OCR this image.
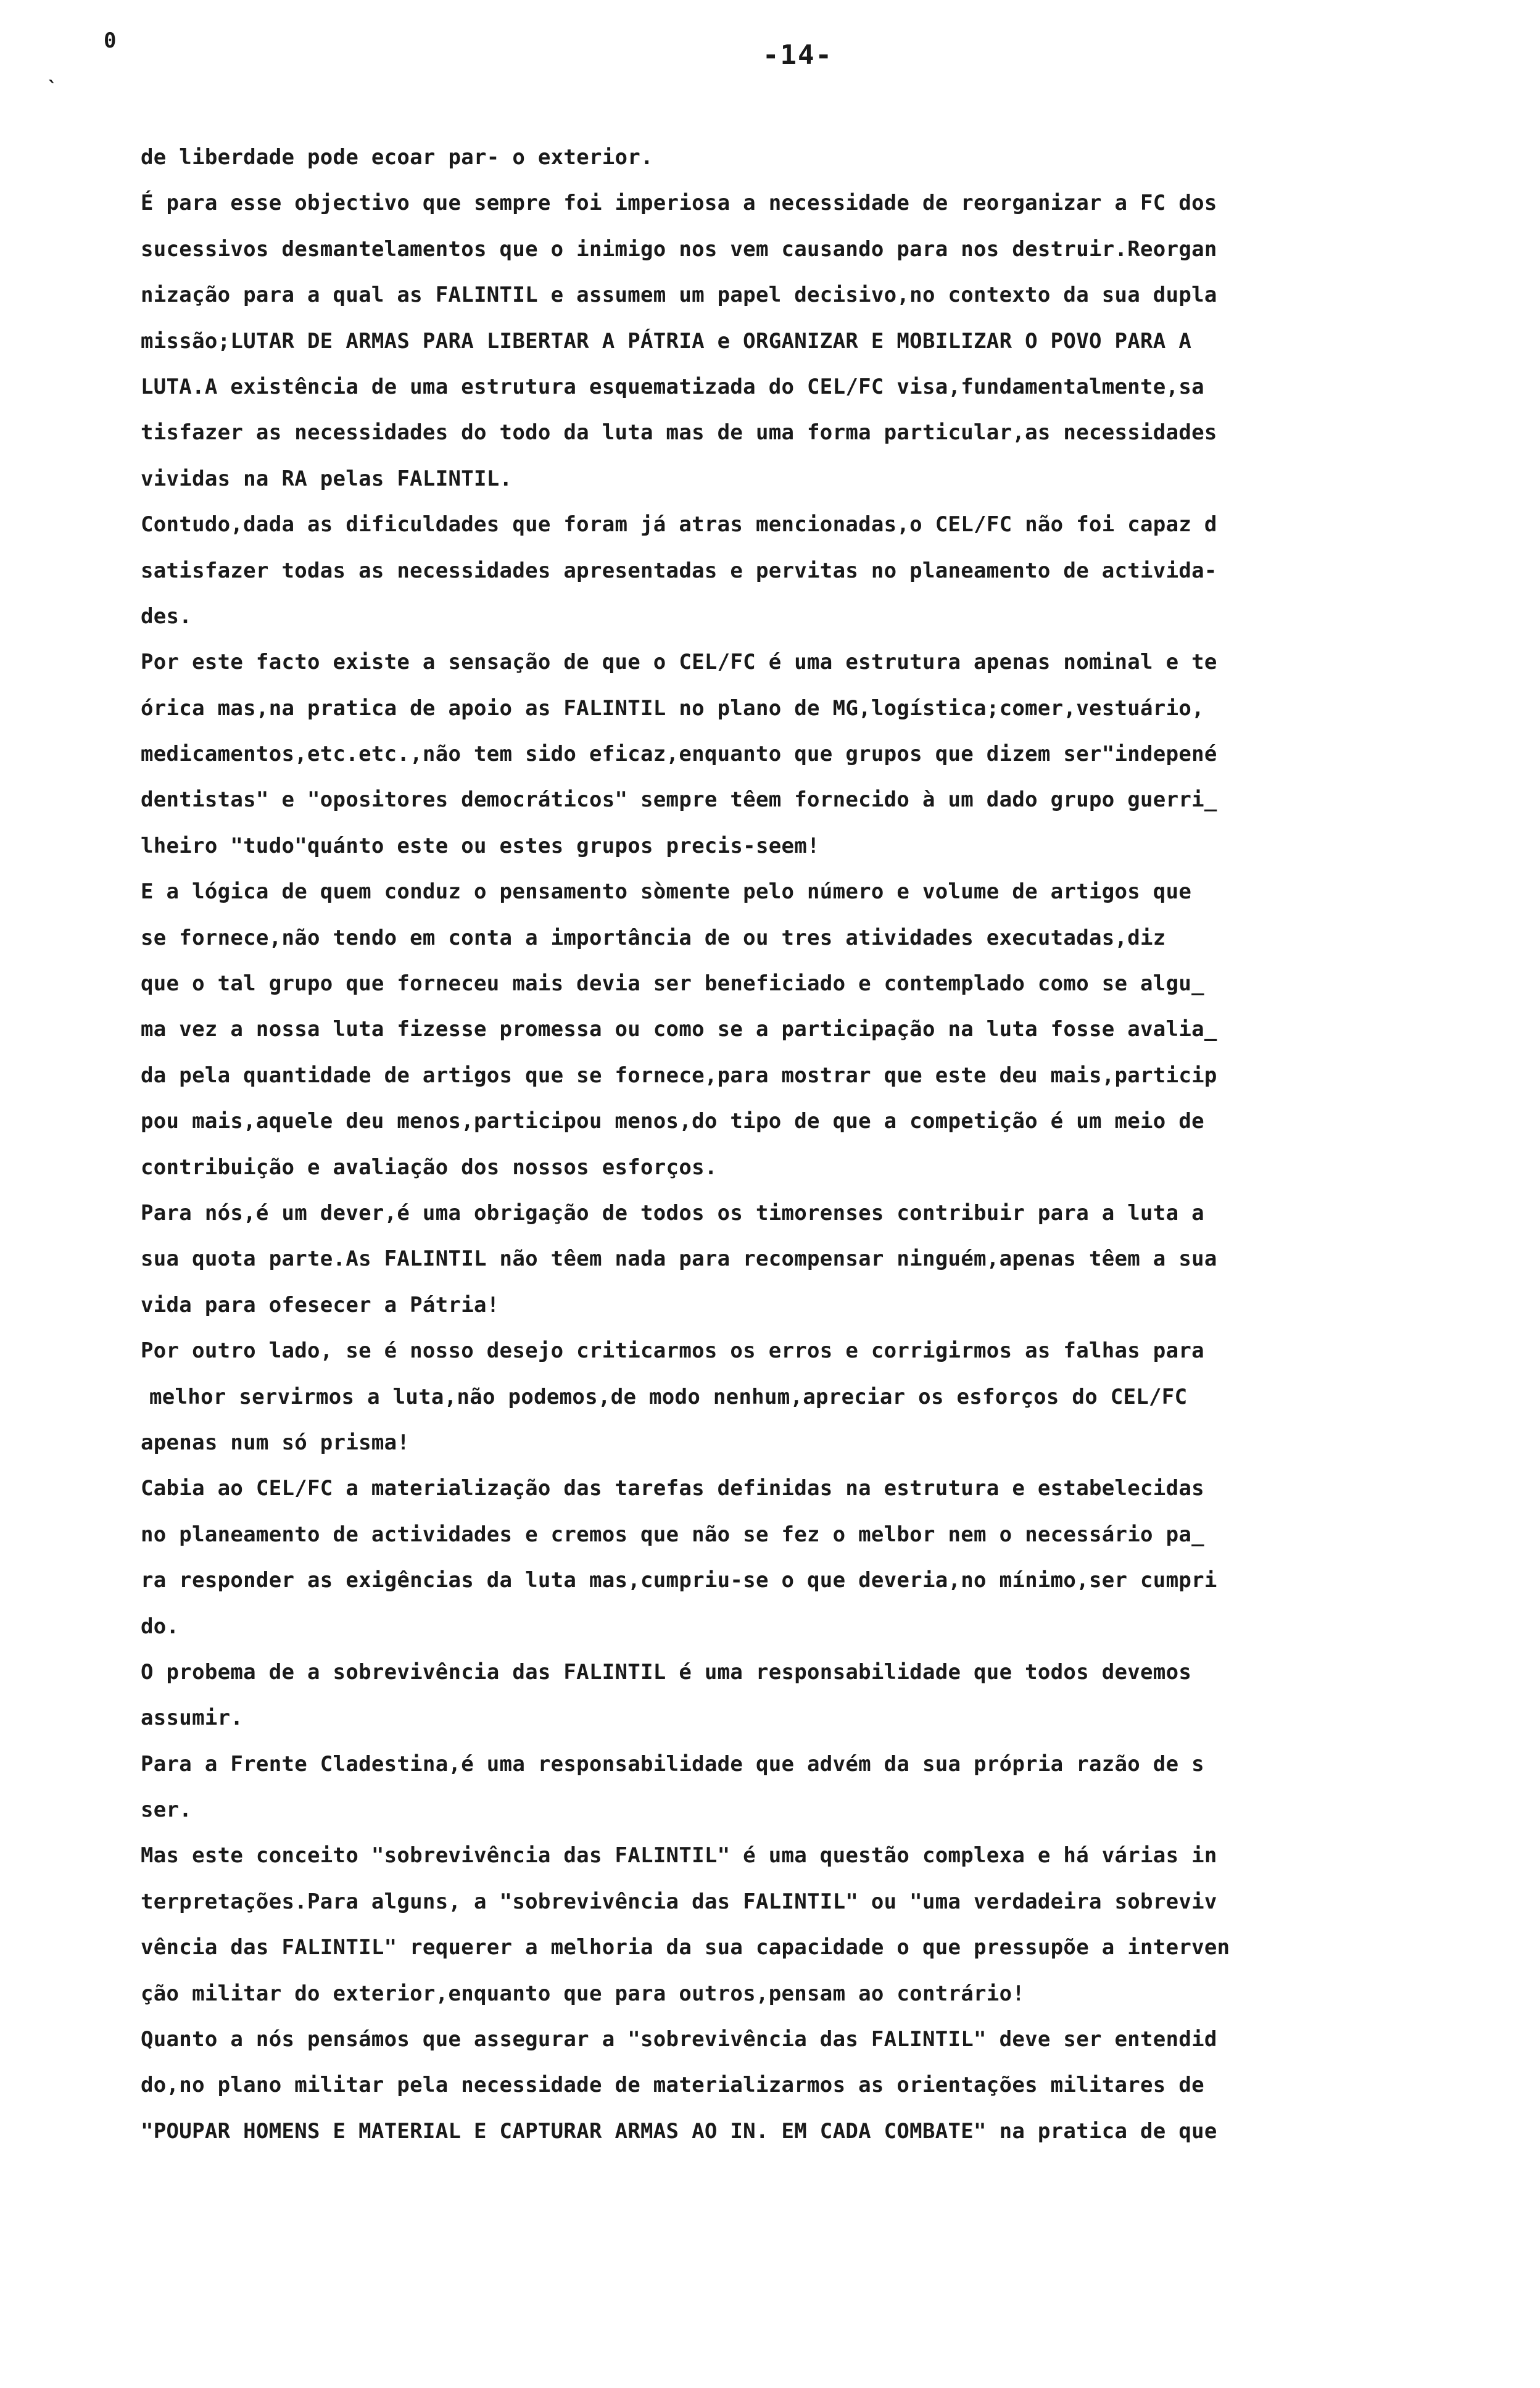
0
`
-14-
de liberdade pode ecoar par- o exterior.
É para esse objectivo que sempre foi imperiosa a necessidade de reorganizar a FC dos
sucessivos desmantelamentos que o inimigo nos vem causando para nos destruir.Reorgan
nização para a qual as FALINTIL e assumem um papel decisivo,no contexto da sua dupla
missão;LUTAR DE ARMAS PARA LIBERTAR A PÁTRIA e ORGANIZAR E MOBILIZAR O POVO PARA A
LUTA.A existência de uma estrutura esquematizada do CEL/FC visa,fundamentalmente,sa
tisfazer as necessidades do todo da luta mas de uma forma particular,as necessidades
vividas na RA pelas FALINTIL.
Contudo,dada as dificuldades que foram já atras mencionadas,o CEL/FC não foi capaz d
satisfazer todas as necessidades apresentadas e pervitas no planeamento de activida-
des.
Por este facto existe a sensação de que o CEL/FC é uma estrutura apenas nominal e te
órica mas,na pratica de apoio as FALINTIL no plano de MG,logística;comer,vestuário,
medicamentos,etc.etc.,não tem sido eficaz,enquanto que grupos que dizem ser"indepené
dentistas" e "opositores democráticos" sempre têem fornecido à um dado grupo guerri_
lheiro "tudo"quánto este ou estes grupos precis-seem!
E a lógica de quem conduz o pensamento sòmente pelo número e volume de artigos que
se fornece,não tendo em conta a importância de ou tres atividades executadas,diz
que o tal grupo que forneceu mais devia ser beneficiado e contemplado como se algu_
ma vez a nossa luta fizesse promessa ou como se a participação na luta fosse avalia_
da pela quantidade de artigos que se fornece,para mostrar que este deu mais,particip
pou mais,aquele deu menos,participou menos,do tipo de que a competição é um meio de
contribuição e avaliação dos nossos esforços.
Para nós,é um dever,é uma obrigação de todos os timorenses contribuir para a luta a
sua quota parte.As FALINTIL não têem nada para recompensar ninguém,apenas têem a sua
vida para ofesecer a Pátria!
Por outro lado, se é nosso desejo criticarmos os erros e corrigirmos as falhas para
melhor servirmos a luta,não podemos,de modo nenhum,apreciar os esforços do CEL/FC
apenas num só prisma!
Cabia ao CEL/FC a materialização das tarefas definidas na estrutura e estabelecidas
no planeamento de actividades e cremos que não se fez o melbor nem o necessário pa_
ra responder as exigências da luta mas,cumpriu-se o que deveria,no mínimo,ser cumpri
do.
O probema de a sobrevivência das FALINTIL é uma responsabilidade que todos devemos
assumir.
Para a Frente Cladestina,é uma responsabilidade que advém da sua própria razão de s
ser.
Mas este conceito "sobrevivência das FALINTIL" é uma questão complexa e há várias in
terpretações.Para alguns, a "sobrevivência das FALINTIL" ou "uma verdadeira sobreviv
vência das FALINTIL" requerer a melhoria da sua capacidade o que pressupõe a interven
ção militar do exterior,enquanto que para outros,pensam ao contrário!
Quanto a nós pensámos que assegurar a "sobrevivência das FALINTIL" deve ser entendid
do,no plano militar pela necessidade de materializarmos as orientações militares de
"POUPAR HOMENS E MATERIAL E CAPTURAR ARMAS AO IN. EM CADA COMBATE" na pratica de que
